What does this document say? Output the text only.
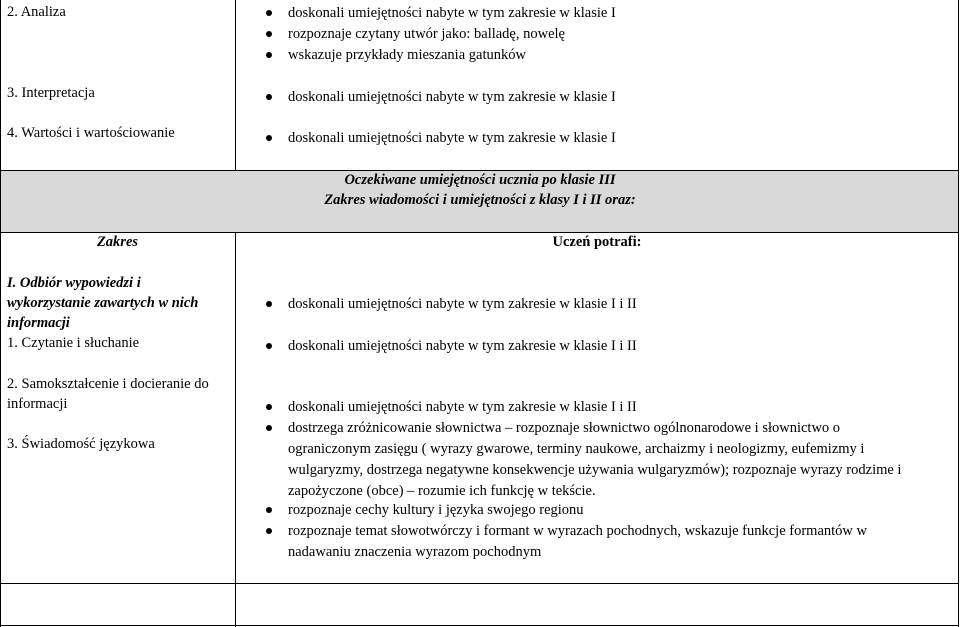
2. Analiza
3. Interpretacja
4. Wartości i wartościowanie
doskonali umiejętności nabyte w tym zakresie w klasie I
rozpoznaje czytany utwór jako: balladę, nowelę
wskazuje przykłady mieszania gatunków
doskonali umiejętności nabyte w tym zakresie w klasie I
doskonali umiejętności nabyte w tym zakresie w klasie I
Oczekiwane umiejętności ucznia po klasie III
Zakres wiadomości i umiejętności z klasy I i II oraz:
Zakres	Uczeń potrafi:
I. Odbiór wypowiedzi i
wykorzystanie zawartych w nich
informacji
1. Czytanie i słuchanie
2. Samokształcenie i docieranie do
informacji
3. Świadomość językowa
doskonali umiejętności nabyte w tym zakresie w klasie I i II
doskonali umiejętności nabyte w tym zakresie w klasie I i II
doskonali umiejętności nabyte w tym zakresie w klasie I i II
dostrzega zróżnicowanie słownictwa – rozpoznaje słownictwo ogólnonarodowe i słownictwo o
ograniczonym zasięgu ( wyrazy gwarowe, terminy naukowe, archaizmy i neologizmy, eufemizmy i
wulgaryzmy, dostrzega negatywne konsekwencje używania wulgaryzmów); rozpoznaje wyrazy rodzime i
zapożyczone (obce) – rozumie ich funkcję w tekście.
rozpoznaje cechy kultury i języka swojego regionu
rozpoznaje temat słowotwórczy i formant w wyrazach pochodnych, wskazuje funkcje formantów w
nadawaniu znaczenia wyrazom pochodnym
